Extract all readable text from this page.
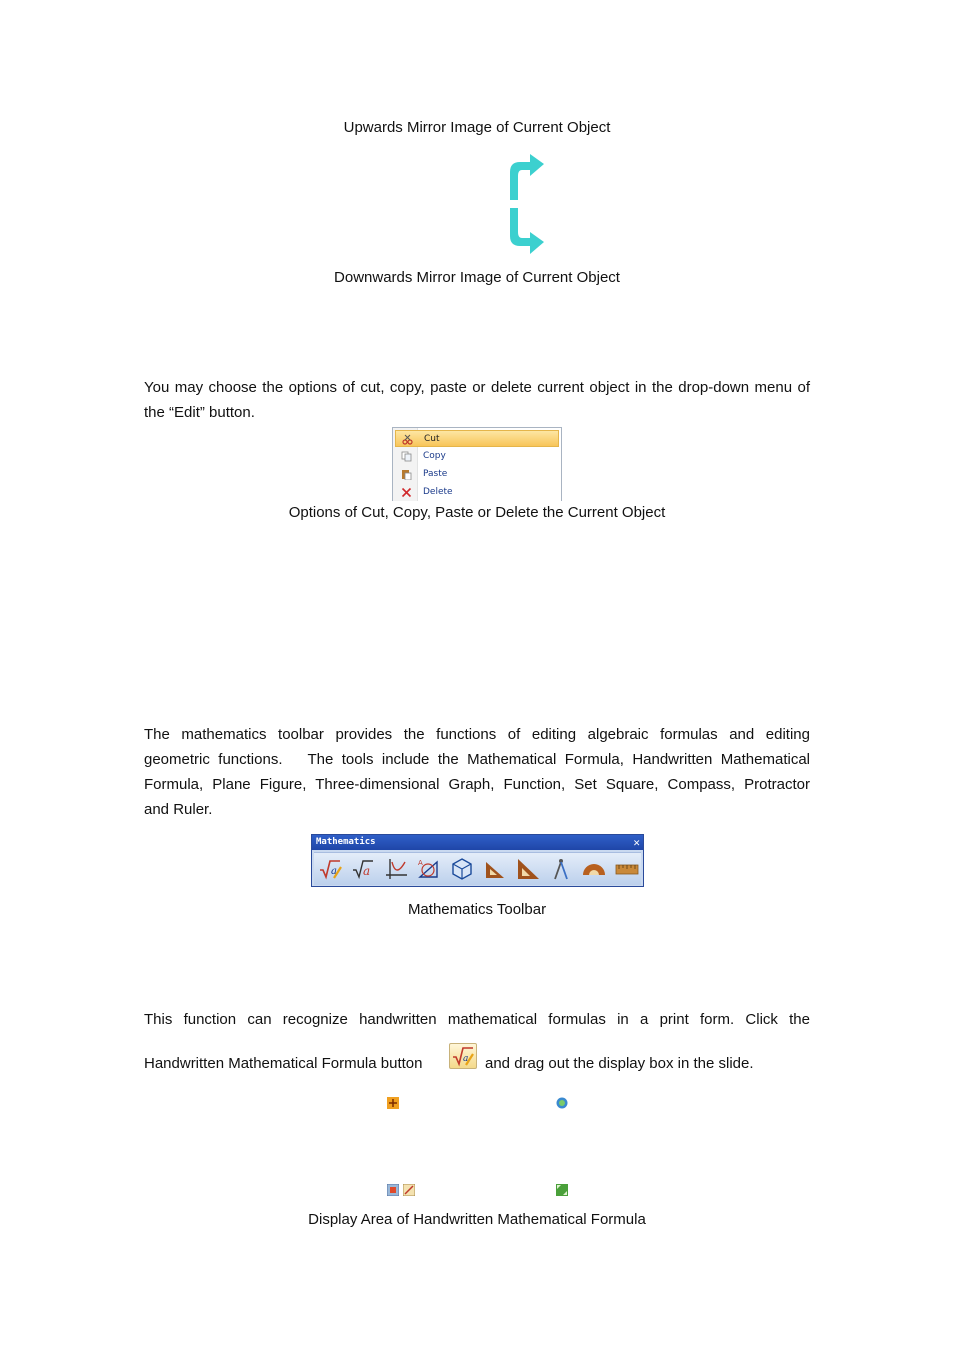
Upwards Mirror Image of Current Object
Downwards Mirror Image of Current Object
You may choose the options of cut, copy, paste or delete current object in the drop-down menu of the “Edit” button.
Cut
Copy
Paste
Delete
Options of Cut, Copy, Paste or Delete the Current Object
The mathematics toolbar provides the functions of editing algebraic formulas and editing
geometric functions.   The tools include the Mathematical Formula, Handwritten Mathematical
Formula, Plane Figure, Three-dimensional Graph, Function, Set Square, Compass, Protractor
and Ruler.
Mathematics	✕
a a
A
Mathematics Toolbar
This function can recognize handwritten mathematical formulas in a print form. Click the
Handwritten Mathematical Formula button	a and drag out the display box in the slide.
Display Area of Handwritten Mathematical Formula
